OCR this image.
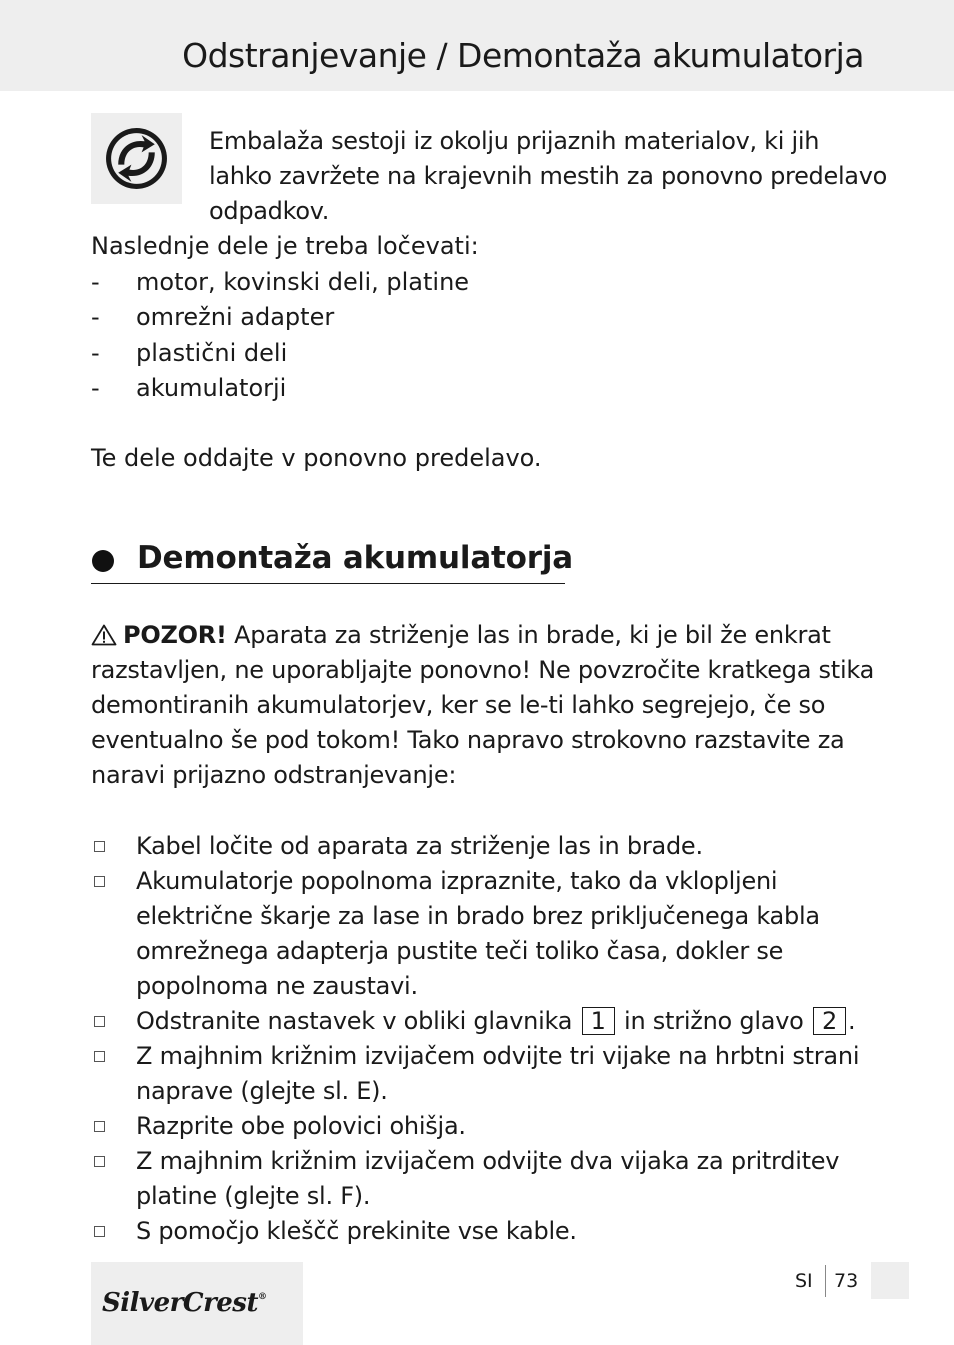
Odstranjevanje / Demontaža akumulatorja
Embalaža sestoji iz okolju prijaznih materialov, ki jih lahko zavržete na krajevnih mestih za ponovno predelavo odpadkov.
Naslednje dele je treba ločevati:
- motor, kovinski deli, platine
- omrežni adapter
- plastični deli
- akumulatorji
Te dele oddajte v ponovno predelavo.
Demontaža akumulatorja
POZOR! Aparata za striženje las in brade, ki je bil že enkrat razstavljen, ne uporabljajte ponovno! Ne povzročite kratkega stika demontiranih akumulatorjev, ker se le-ti lahko segrejejo, če so eventualno še pod tokom! Tako napravo strokovno razstavite za naravi prijazno odstranjevanje:
Kabel ločite od aparata za striženje las in brade.
Akumulatorje popolnoma izpraznite, tako da vklopljeni električne škarje za lase in brado brez priključenega kabla omrežnega adapterja pustite teči toliko časa, dokler se popolnoma ne zaustavi.
Odstranite nastavek v obliki glavnika 1 in strižno glavo 2 .
Z majhnim križnim izvijačem odvijte tri vijake na hrbtni strani naprave (glejte sl. E).
Razprite obe polovici ohišja.
Z majhnim križnim izvijačem odvijte dva vijaka za pritrditev platine (glejte sl. F).
S pomočjo kleščč prekinite vse kable.
SilverCrest®
SI 73
